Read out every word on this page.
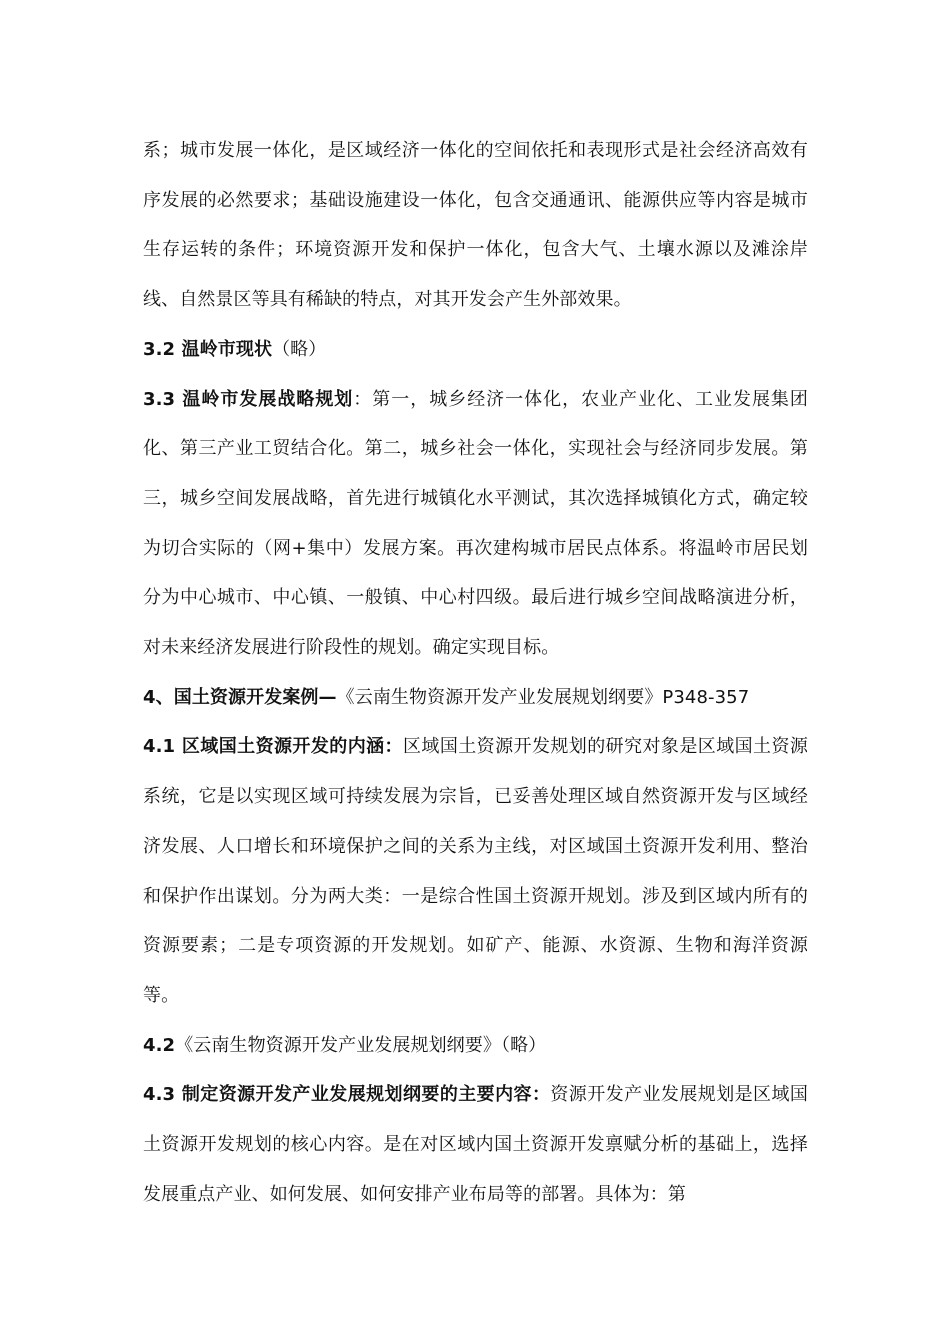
系；城市发展一体化，是区域经济一体化的空间依托和表现形式是社会经济高效有序发展的必然要求；基础设施建设一体化，包含交通通讯、能源供应等内容是城市生存运转的条件；环境资源开发和保护一体化，包含大气、土壤水源以及滩涂岸线、自然景区等具有稀缺的特点，对其开发会产生外部效果。

3.2 温岭市现状（略）

3.3 温岭市发展战略规划：第一，城乡经济一体化，农业产业化、工业发展集团化、第三产业工贸结合化。第二，城乡社会一体化，实现社会与经济同步发展。第三，城乡空间发展战略，首先进行城镇化水平测试，其次选择城镇化方式，确定较为切合实际的（网+集中）发展方案。再次建构城市居民点体系。将温岭市居民划分为中心城市、中心镇、一般镇、中心村四级。最后进行城乡空间战略演进分析，对未来经济发展进行阶段性的规划。确定实现目标。

4、国土资源开发案例—《云南生物资源开发产业发展规划纲要》P348-357

4.1 区域国土资源开发的内涵：区域国土资源开发规划的研究对象是区域国土资源系统，它是以实现区域可持续发展为宗旨，已妥善处理区域自然资源开发与区域经济发展、人口增长和环境保护之间的关系为主线，对区域国土资源开发利用、整治和保护作出谋划。分为两大类：一是综合性国土资源开规划。涉及到区域内所有的资源要素；二是专项资源的开发规划。如矿产、能源、水资源、生物和海洋资源等。

4.2《云南生物资源开发产业发展规划纲要》（略）

4.3 制定资源开发产业发展规划纲要的主要内容：资源开发产业发展规划是区域国土资源开发规划的核心内容。是在对区域内国土资源开发禀赋分析的基础上，选择发展重点产业、如何发展、如何安排产业布局等的部署。具体为：第
